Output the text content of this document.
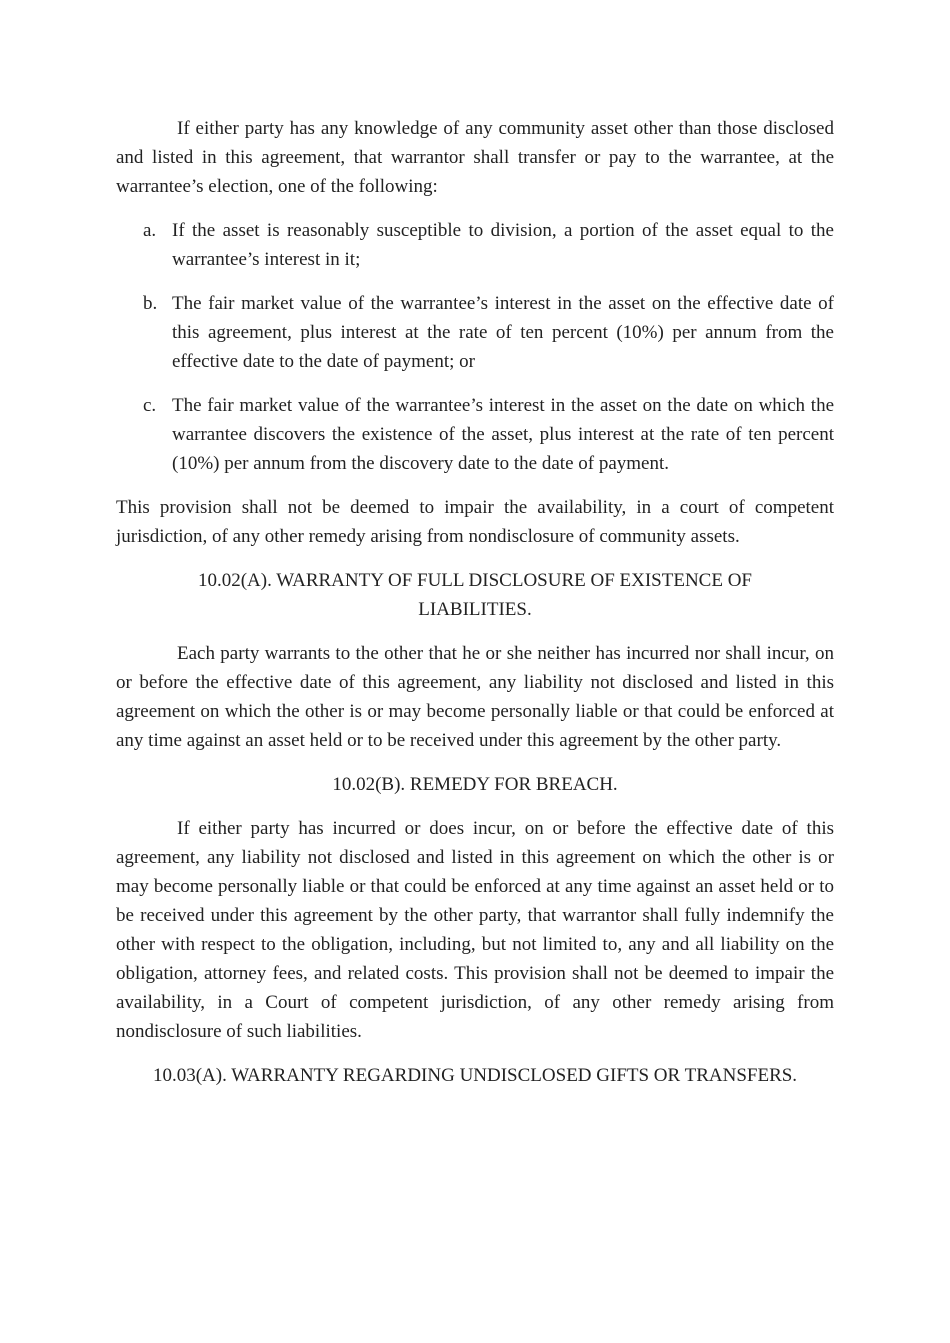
If either party has any knowledge of any community asset other than those disclosed and listed in this agreement, that warrantor shall transfer or pay to the warrantee, at the warrantee’s election, one of the following:

a. If the asset is reasonably susceptible to division, a portion of the asset equal to the warrantee’s interest in it;
b. The fair market value of the warrantee’s interest in the asset on the effective date of this agreement, plus interest at the rate of ten percent (10%) per annum from the effective date to the date of payment; or
c. The fair market value of the warrantee’s interest in the asset on the date on which the warrantee discovers the existence of the asset, plus interest at the rate of ten percent (10%) per annum from the discovery date to the date of payment.

This provision shall not be deemed to impair the availability, in a court of competent jurisdiction, of any other remedy arising from nondisclosure of community assets.

10.02(A). WARRANTY OF FULL DISCLOSURE OF EXISTENCE OF LIABILITIES.

Each party warrants to the other that he or she neither has incurred nor shall incur, on or before the effective date of this agreement, any liability not disclosed and listed in this agreement on which the other is or may become personally liable or that could be enforced at any time against an asset held or to be received under this agreement by the other party.

10.02(B). REMEDY FOR BREACH.

If either party has incurred or does incur, on or before the effective date of this agreement, any liability not disclosed and listed in this agreement on which the other is or may become personally liable or that could be enforced at any time against an asset held or to be received under this agreement by the other party, that warrantor shall fully indemnify the other with respect to the obligation, including, but not limited to, any and all liability on the obligation, attorney fees, and related costs. This provision shall not be deemed to impair the availability, in a Court of competent jurisdiction, of any other remedy arising from nondisclosure of such liabilities.

10.03(A). WARRANTY REGARDING UNDISCLOSED GIFTS OR TRANSFERS.
